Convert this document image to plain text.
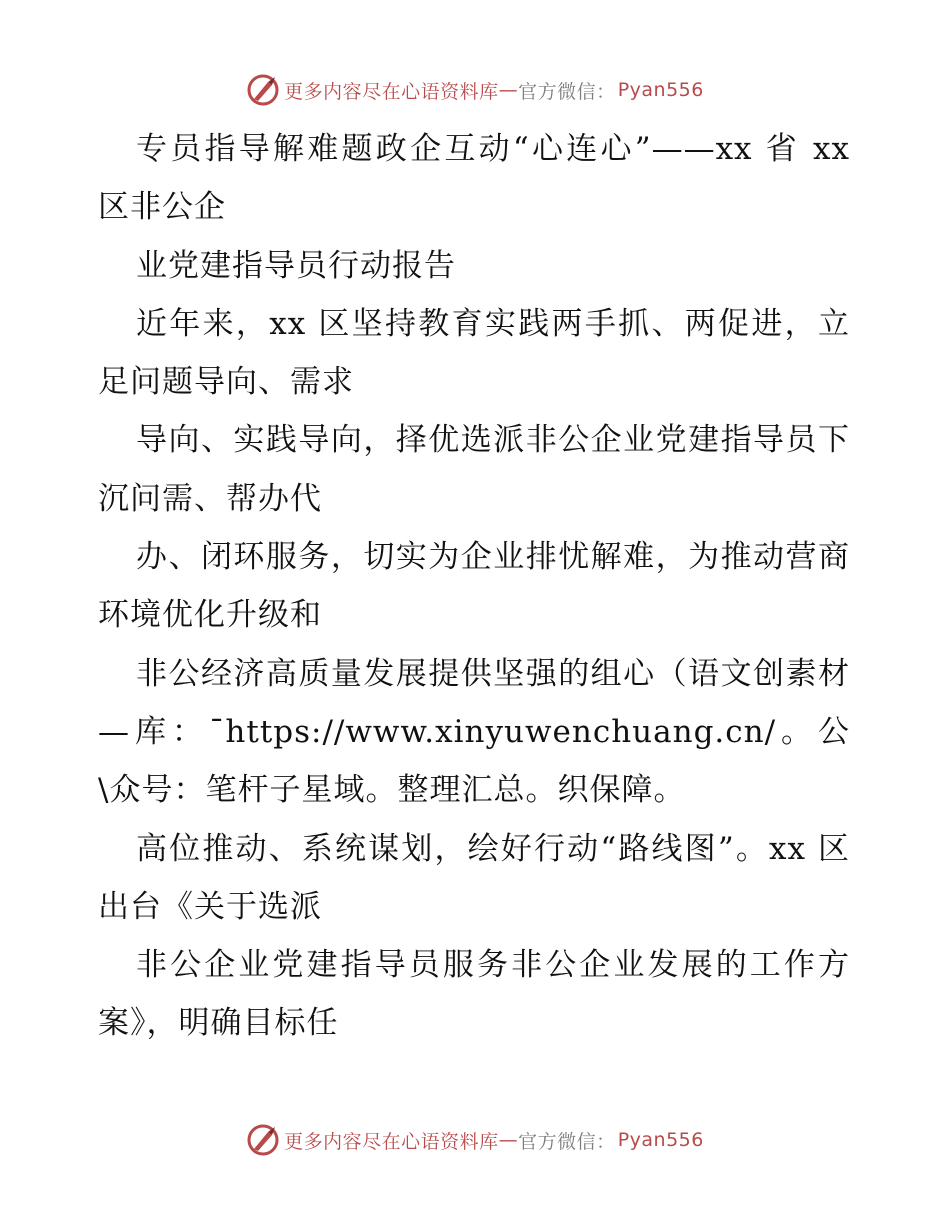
更多内容尽在心语资料库 — 官方微信： Pyan556

专员指导解难题政企互动“心连心”——xx 省 xx 区非公企

业党建指导员行动报告

近年来，xx 区坚持教育实践两手抓、两促进，立足问题导向、需求

导向、实践导向，择优选派非公企业党建指导员下沉问需、帮办代

办、闭环服务，切实为企业排忧解难，为推动营商环境优化升级和

非公经济高质量发展提供坚强的组心（语文创素材—库：¯https://www.xinyuwenchuang.cn/。公\众号：笔杆子星域。整理汇总。织保障。

高位推动、系统谋划，绘好行动“路线图”。xx 区出台《关于选派

非公企业党建指导员服务非公企业发展的工作方案》，明确目标任

更多内容尽在心语资料库 — 官方微信： Pyan556
